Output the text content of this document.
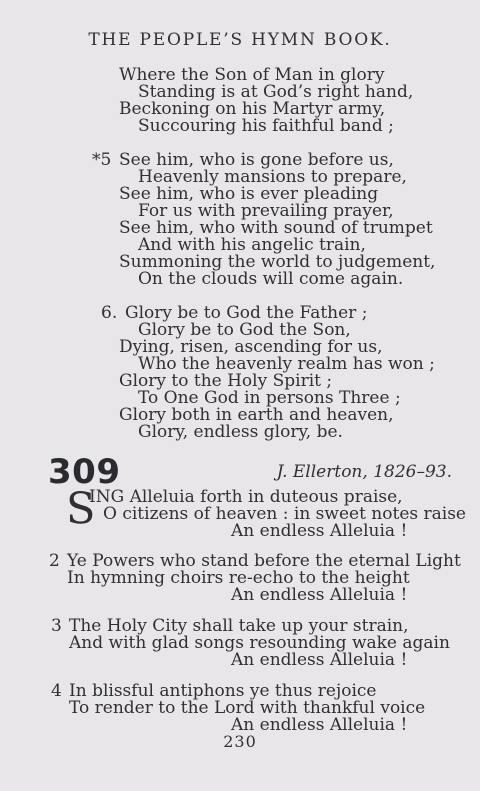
THE PEOPLE’S HYMN BOOK.
Where the Son of Man in glory
Standing is at God’s right hand,
Beckoning on his Martyr army,
Succouring his faithful band ;
*5 See him, who is gone before us,
Heavenly mansions to prepare,
See him, who is ever pleading
For us with prevailing prayer,
See him, who with sound of trumpet
And with his angelic train,
Summoning the world to judgement,
On the clouds will come again.
6. Glory be to God the Father ;
Glory be to God the Son,
Dying, risen, ascending for us,
Who the heavenly realm has won ;
Glory to the Holy Spirit ;
To One God in persons Three ;
Glory both in earth and heaven,
Glory, endless glory, be.
309	J. Ellerton, 1826–93.
S
ING Alleluia forth in duteous praise,
O citizens of heaven : in sweet notes raise
An endless Alleluia !
2 Ye Powers who stand before the eternal Light
In hymning choirs re-echo to the height
An endless Alleluia !
3 The Holy City shall take up your strain,
And with glad songs resounding wake again
An endless Alleluia !
4 In blissful antiphons ye thus rejoice
To render to the Lord with thankful voice
An endless Alleluia !
230
